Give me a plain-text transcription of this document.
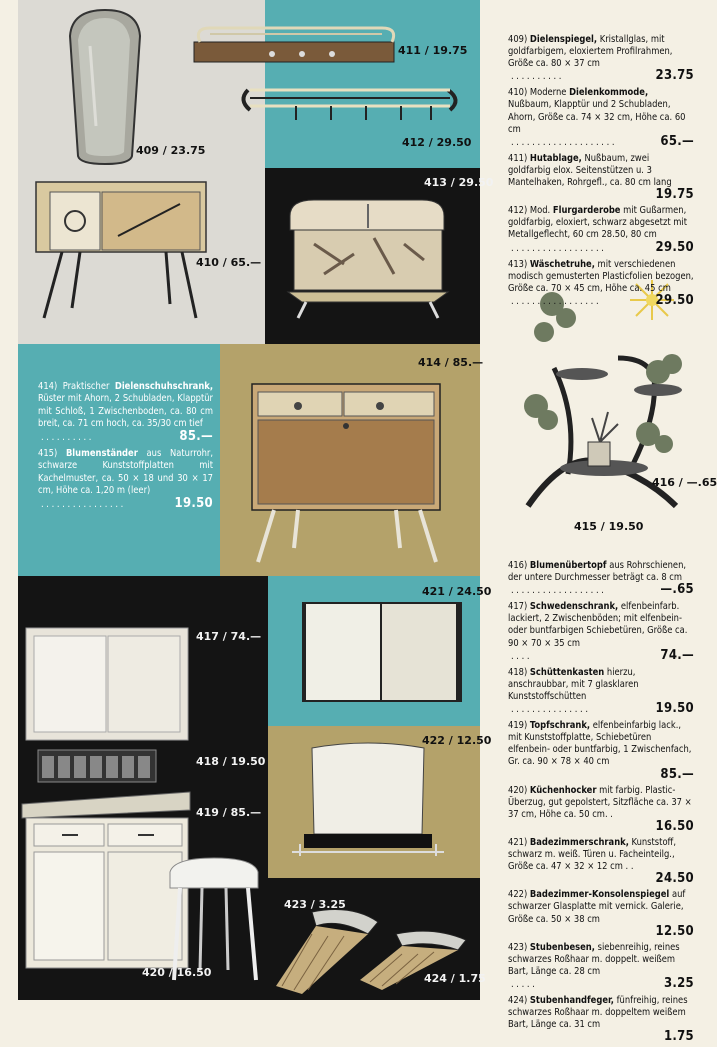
409 / 23.75
410 / 65.—
411 / 19.75
412 / 29.50
413 / 29.50
414 / 85.—
415 / 19.50
416 / —.65
417 / 74.—
418 / 19.50
419 / 85.—
420 / 16.50
421 / 24.50
422 / 12.50
423 / 3.25
424 / 1.75
414) Praktischer Dielenschuhschrank, Rüster mit Ahorn, 2 Schubladen, Klapptür mit Schloß, 1 Zwischenboden, ca. 80 cm breit, ca. 71 cm hoch, ca. 35/30 cm tief
. . . . . . . . . .	85.—
415) Blumenständer aus Naturrohr, schwarze Kunststoffplatten mit Kachelmuster, ca. 50 × 18 und 30 × 17 cm, Höhe ca. 1,20 m (leer)
. . . . . . . . . . . . . . . .	19.50
409) Dielenspiegel, Kristallglas, mit goldfarbigem, eloxiertem Profilrahmen, Größe ca. 80 × 37 cm
. . . . . . . . . .	23.75
410) Moderne Dielenkommode, Nußbaum, Klapptür und 2 Schubladen, Ahorn, Größe ca. 74 × 32 cm, Höhe ca. 60 cm
. . . . . . . . . . . . . . . . . . . .	65.—
411) Hutablage, Nußbaum, zwei goldfarbig elox. Seitenstützen u. 3 Mantelhaken, Rohrgefl., ca. 80 cm lang
19.75
412) Mod. Flurgarderobe mit Gußarmen, goldfarbig, eloxiert, schwarz abgesetzt mit Metallgeflecht, 60 cm 28.50, 80 cm
. . . . . . . . . . . . . . . . . .	29.50
413) Wäschetruhe, mit verschiedenen modisch gemusterten Plasticfolien bezogen, Größe ca. 70 × 45 cm, Höhe ca. 45 cm
. . . . . . . . . . . . . . . . .	29.50
416) Blumenübertopf aus Rohrschienen, der untere Durchmesser beträgt ca. 8 cm
. . . . . . . . . . . . . . . . . .	—.65
417) Schwedenschrank, elfenbeinfarb. lackiert, 2 Zwischenböden; mit elfenbein- oder buntfarbigen Schiebetüren, Größe ca. 90 × 70 × 35 cm
. . . .	74.—
418) Schüttenkasten hierzu, anschraubbar, mit 7 glasklaren Kunststoffschütten
. . . . . . . . . . . . . . .	19.50
419) Topfschrank, elfenbeinfarbig lack., mit Kunststoffplatte, Schiebetüren elfenbein- oder buntfarbig, 1 Zwischenfach, Gr. ca. 90 × 78 × 40 cm
85.—
420) Küchenhocker mit farbig. Plastic-Überzug, gut gepolstert, Sitzfläche ca. 37 × 37 cm, Höhe ca. 50 cm. .
16.50
421) Badezimmerschrank, Kunststoff, schwarz m. weiß. Türen u. Facheinteilg., Größe ca. 47 × 32 × 12 cm . .
24.50
422) Badezimmer-Konsolenspiegel auf schwarzer Glasplatte mit vernick. Galerie, Größe ca. 50 × 38 cm
12.50
423) Stubenbesen, siebenreihig, reines schwarzes Roßhaar m. doppelt. weißem Bart, Länge ca. 28 cm
. . . . .	3.25
424) Stubenhandfeger, fünfreihig, reines schwarzes Roßhaar m. doppeltem weißem Bart, Länge ca. 31 cm
1.75
